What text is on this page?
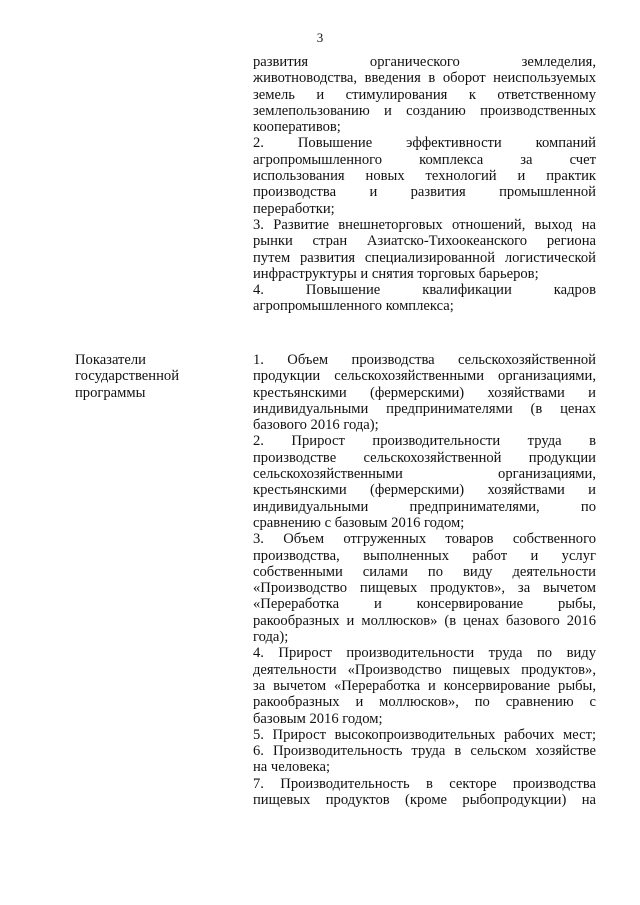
3
развития органического земледелия,
животноводства, введения в оборот неиспользуемых
земель и стимулирования к ответственному
землепользованию и созданию производственных
кооперативов;
2. Повышение эффективности компаний
агропромышленного комплекса за счет
использования новых технологий и практик
производства и развития промышленной
переработки;
3. Развитие внешнеторговых отношений, выход на
рынки стран Азиатско-Тихоокеанского региона
путем развития специализированной логистической
инфраструктуры и снятия торговых барьеров;
4. Повышение квалификации кадров
агропромышленного комплекса;
Показатели
государственной
программы
1. Объем производства сельскохозяйственной
продукции сельскохозяйственными организациями,
крестьянскими (фермерскими) хозяйствами и
индивидуальными предпринимателями (в ценах
базового 2016 года);
2. Прирост производительности труда в
производстве сельскохозяйственной продукции
сельскохозяйственными организациями,
крестьянскими (фермерскими) хозяйствами и
индивидуальными предпринимателями, по
сравнению с базовым 2016 годом;
3. Объем отгруженных товаров собственного
производства, выполненных работ и услуг
собственными силами по виду деятельности
«Производство пищевых продуктов», за вычетом
«Переработка и консервирование рыбы,
ракообразных и моллюсков» (в ценах базового 2016
года);
4. Прирост производительности труда по виду
деятельности «Производство пищевых продуктов»,
за вычетом «Переработка и консервирование рыбы,
ракообразных и моллюсков», по сравнению с
базовым 2016 годом;
5. Прирост высокопроизводительных рабочих мест;
6. Производительность труда в сельском хозяйстве
на человека;
7. Производительность в секторе производства
пищевых продуктов (кроме рыбопродукции) на
